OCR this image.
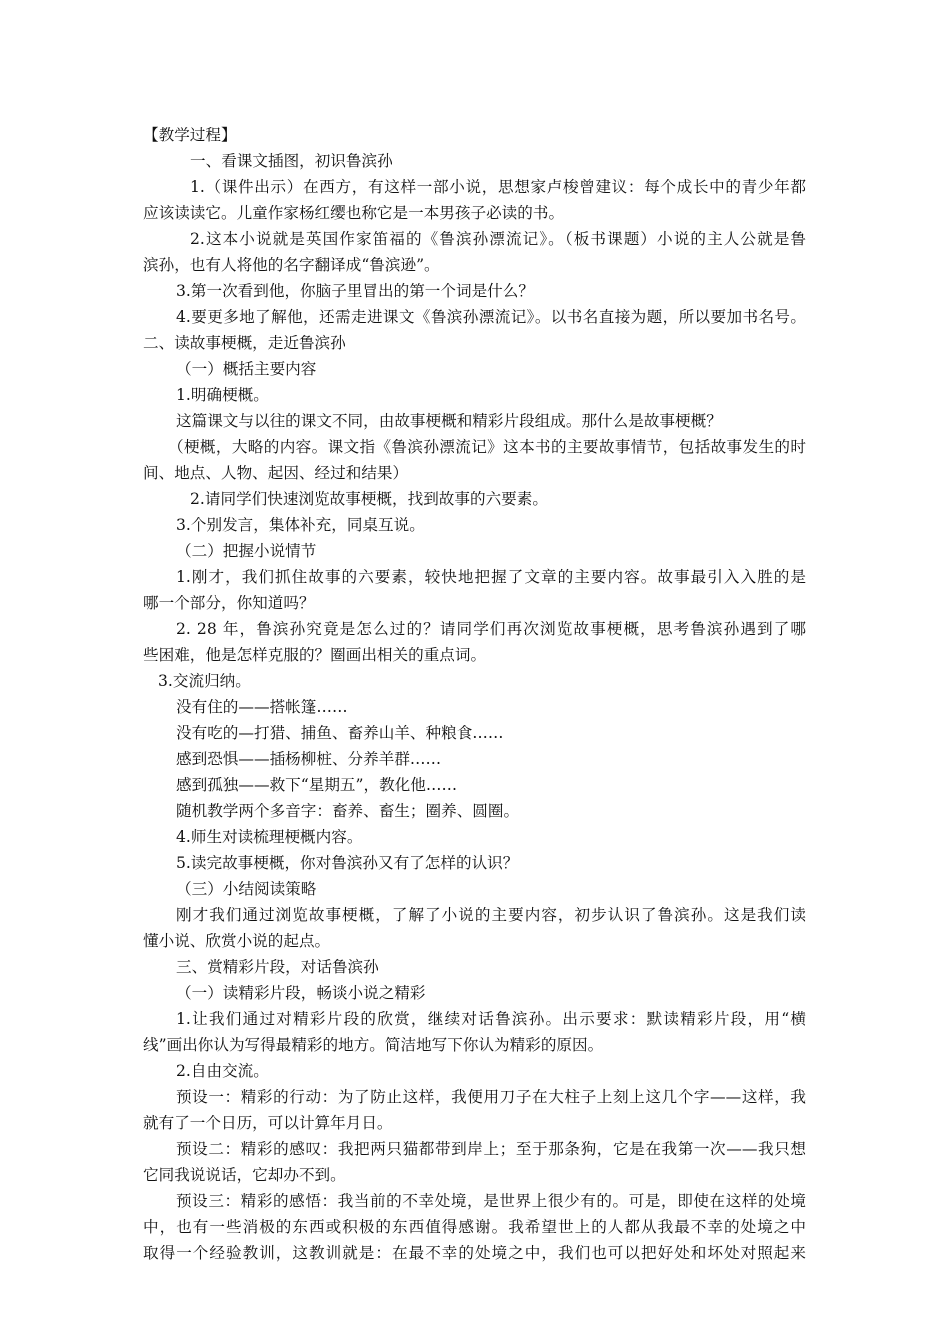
【教学过程】
一、看课文插图，初识鲁滨孙
1.（课件出示）在西方，有这样一部小说，思想家卢梭曾建议：每个成长中的青少年都
应该读读它。儿童作家杨红缨也称它是一本男孩子必读的书。
2.这本小说就是英国作家笛福的《鲁滨孙漂流记》。（板书课题）小说的主人公就是鲁
滨孙，也有人将他的名字翻译成“鲁滨逊”。
3.第一次看到他，你脑子里冒出的第一个词是什么？
4.要更多地了解他，还需走进课文《鲁滨孙漂流记》。以书名直接为题，所以要加书名号。
二、读故事梗概，走近鲁滨孙
（一）概括主要内容
1.明确梗概。
这篇课文与以往的课文不同，由故事梗概和精彩片段组成。那什么是故事梗概？
（梗概，大略的内容。课文指《鲁滨孙漂流记》这本书的主要故事情节，包括故事发生的时
间、地点、人物、起因、经过和结果）
2.请同学们快速浏览故事梗概，找到故事的六要素。
3.个别发言，集体补充，同桌互说。
（二）把握小说情节
1.刚才，我们抓住故事的六要素，较快地把握了文章的主要内容。故事最引入入胜的是
哪一个部分，你知道吗？
2. 28 年，鲁滨孙究竟是怎么过的？请同学们再次浏览故事梗概，思考鲁滨孙遇到了哪
些困难，他是怎样克服的？圈画出相关的重点词。
3.交流归纳。
没有住的——搭帐篷……
没有吃的—打猎、捕鱼、畜养山羊、种粮食……
感到恐惧——插杨柳桩、分养羊群……
感到孤独——救下“星期五”，教化他……
随机教学两个多音字：畜养、畜生；圈养、圆圈。
4.师生对读梳理梗概内容。
5.读完故事梗概，你对鲁滨孙又有了怎样的认识？
（三）小结阅读策略
刚才我们通过浏览故事梗概，了解了小说的主要内容，初步认识了鲁滨孙。这是我们读
懂小说、欣赏小说的起点。
三、赏精彩片段，对话鲁滨孙
（一）读精彩片段，畅谈小说之精彩
1.让我们通过对精彩片段的欣赏，继续对话鲁滨孙。出示要求：默读精彩片段，用“横
线”画出你认为写得最精彩的地方。简洁地写下你认为精彩的原因。
2.自由交流。
预设一：精彩的行动：为了防止这样，我便用刀子在大柱子上刻上这几个字——这样，我
就有了一个日历，可以计算年月日。
预设二：精彩的感叹：我把两只猫都带到岸上；至于那条狗，它是在我第一次——我只想
它同我说说话，它却办不到。
预设三：精彩的感悟：我当前的不幸处境，是世界上很少有的。可是，即使在这样的处境
中，也有一些消极的东西或积极的东西值得感谢。我希望世上的人都从我最不幸的处境之中
取得一个经验教训，这教训就是：在最不幸的处境之中，我们也可以把好处和坏处对照起来
